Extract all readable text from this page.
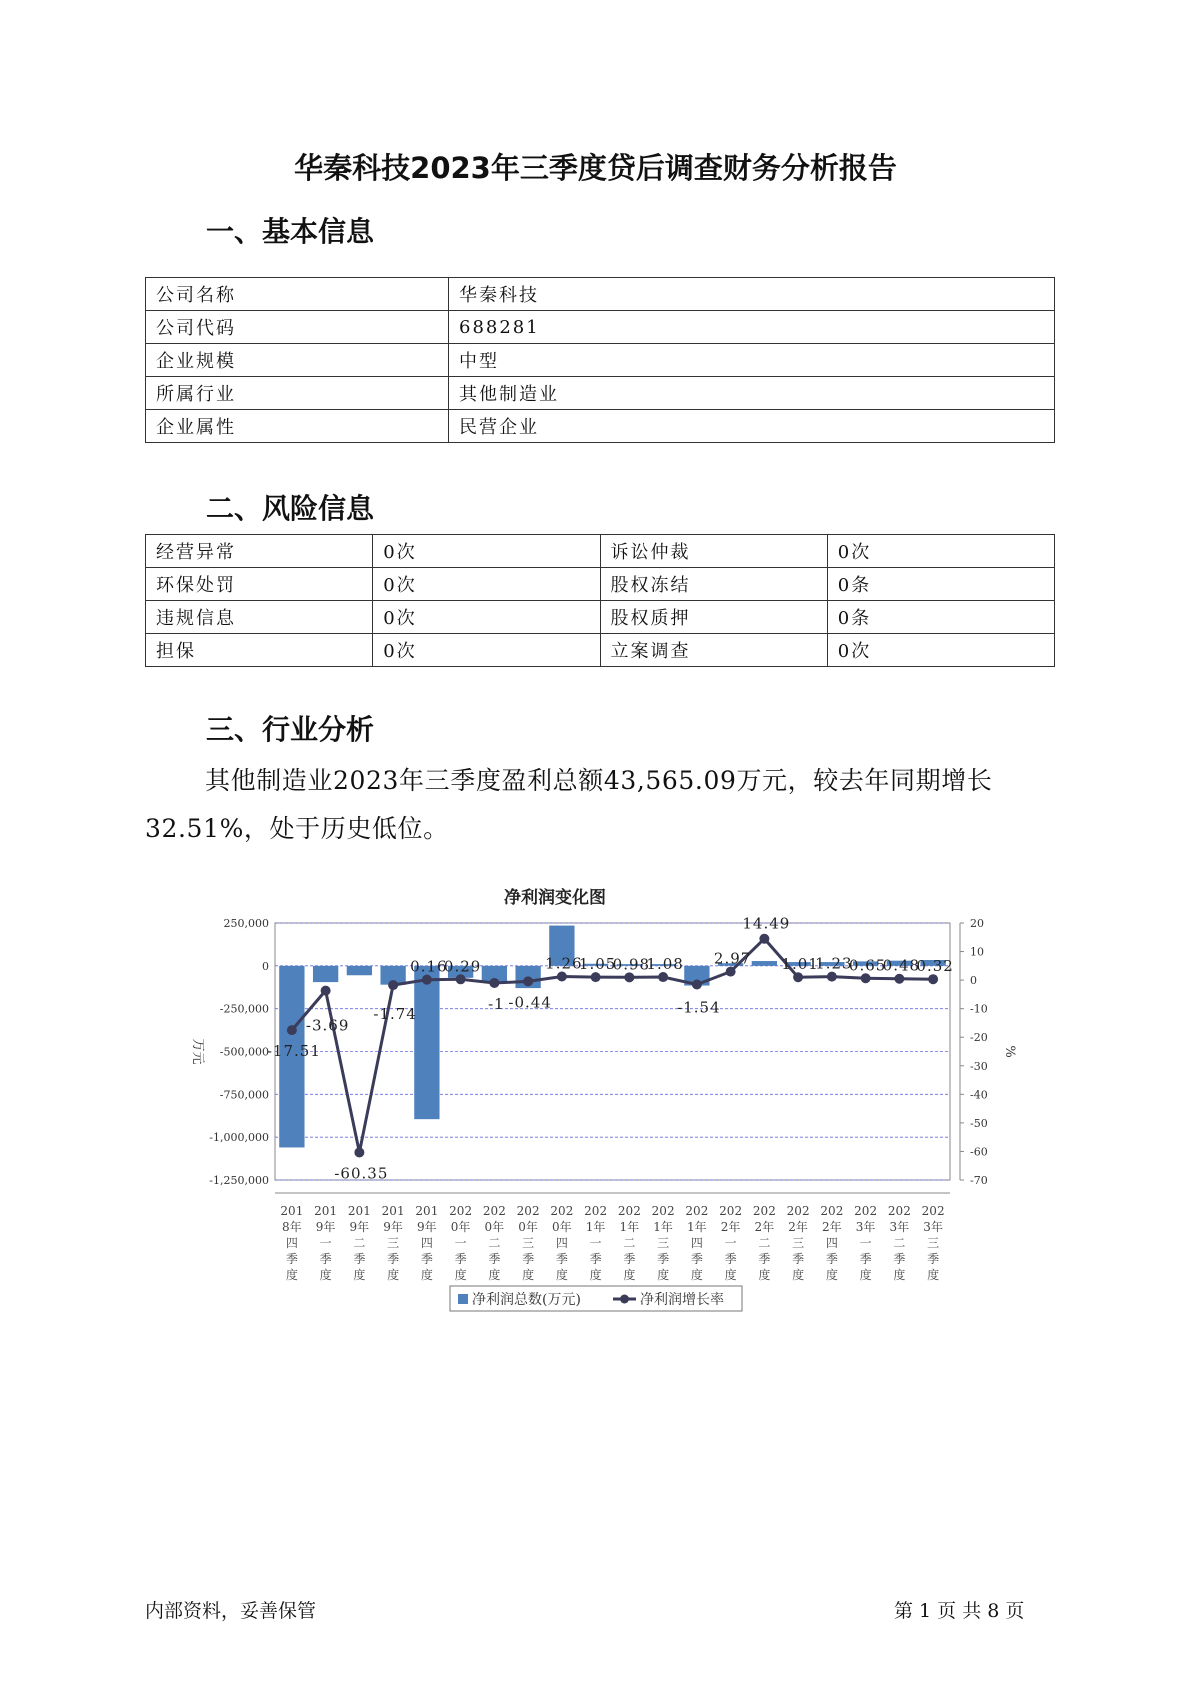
华秦科技2023年三季度贷后调查财务分析报告
一、基本信息
公司名称	华秦科技
公司代码	688281
企业规模	中型
所属行业	其他制造业
企业属性	民营企业
二、风险信息
经营异常	0次	诉讼仲裁	0次
环保处罚	0次	股权冻结	0条
违规信息	0次	股权质押	0条
担保	0次	立案调查	0次
三、行业分析
其他制造业2023年三季度盈利总额43,565.09万元，较去年同期增长32.51%，处于历史低位。
净利润变化图
250,000
0
-250,000
-500,000
-750,000
-1,000,000
-1,250,000
20
10
0
-10
-20
-30
-40
-50
-60
-70
万元	%
-17.51
-3.69
-60.35
-1.74
0.16
0.29
-1 -0.44
1.26
1.05
0.98
1.08
-1.54
2.97
14.49
1.01
1.23
0.65
0.48
0.32
201
8年
四
季
度
201
9年
一
季
度
201
9年
二
季
度
201
9年
三
季
度
201
9年
四
季
度
202
0年
一
季
度
202
0年
二
季
度
202
0年
三
季
度
202
0年
四
季
度
202
1年
一
季
度
202
1年
二
季
度
202
1年
三
季
度
202
1年
四
季
度
202
2年
一
季
度
202
2年
二
季
度
202
2年
三
季
度
202
2年
四
季
度
202
3年
一
季
度
202
3年
二
季
度
202
3年
三
季
度
净利润总数(万元)	净利润增长率
内部资料，妥善保管	第 1 页 共 8 页
